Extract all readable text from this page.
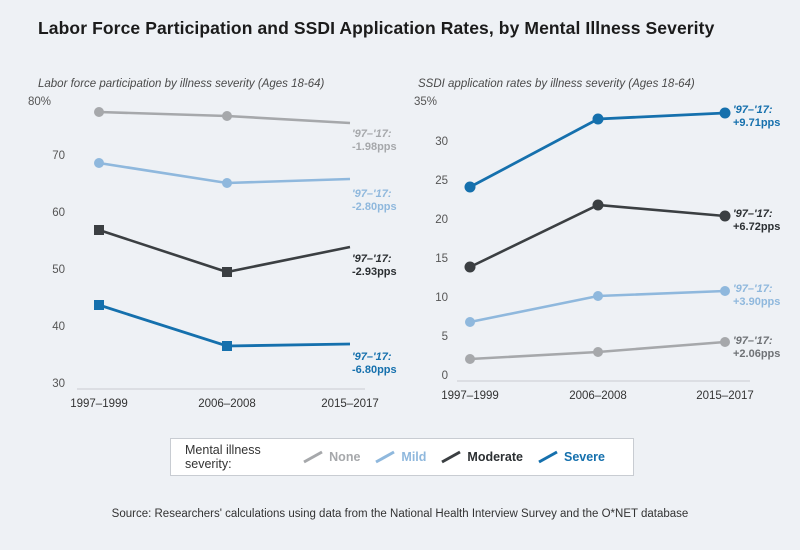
Labor Force Participation and SSDI Application Rates, by Mental Illness Severity
Labor force participation by illness severity (Ages 18-64)
80%
70
60
50
40
30
'97–'17:
-1.98pps
'97–'17:
-2.80pps
'97–'17:
-2.93pps
'97–'17:
-6.80pps
1997–1999	2006–2008	2015–2017
SSDI application rates by illness severity (Ages 18-64)
35%
30
25
20
15
10
5
0
'97–'17:
+9.71pps
'97–'17:
+6.72pps
'97–'17:
+3.90pps
'97–'17:
+2.06pps
1997–1999	2006–2008	2015–2017
Mental illness severity:	None	Mild	Moderate	Severe
Source: Researchers' calculations using data from the National Health Interview Survey and the O*NET database
